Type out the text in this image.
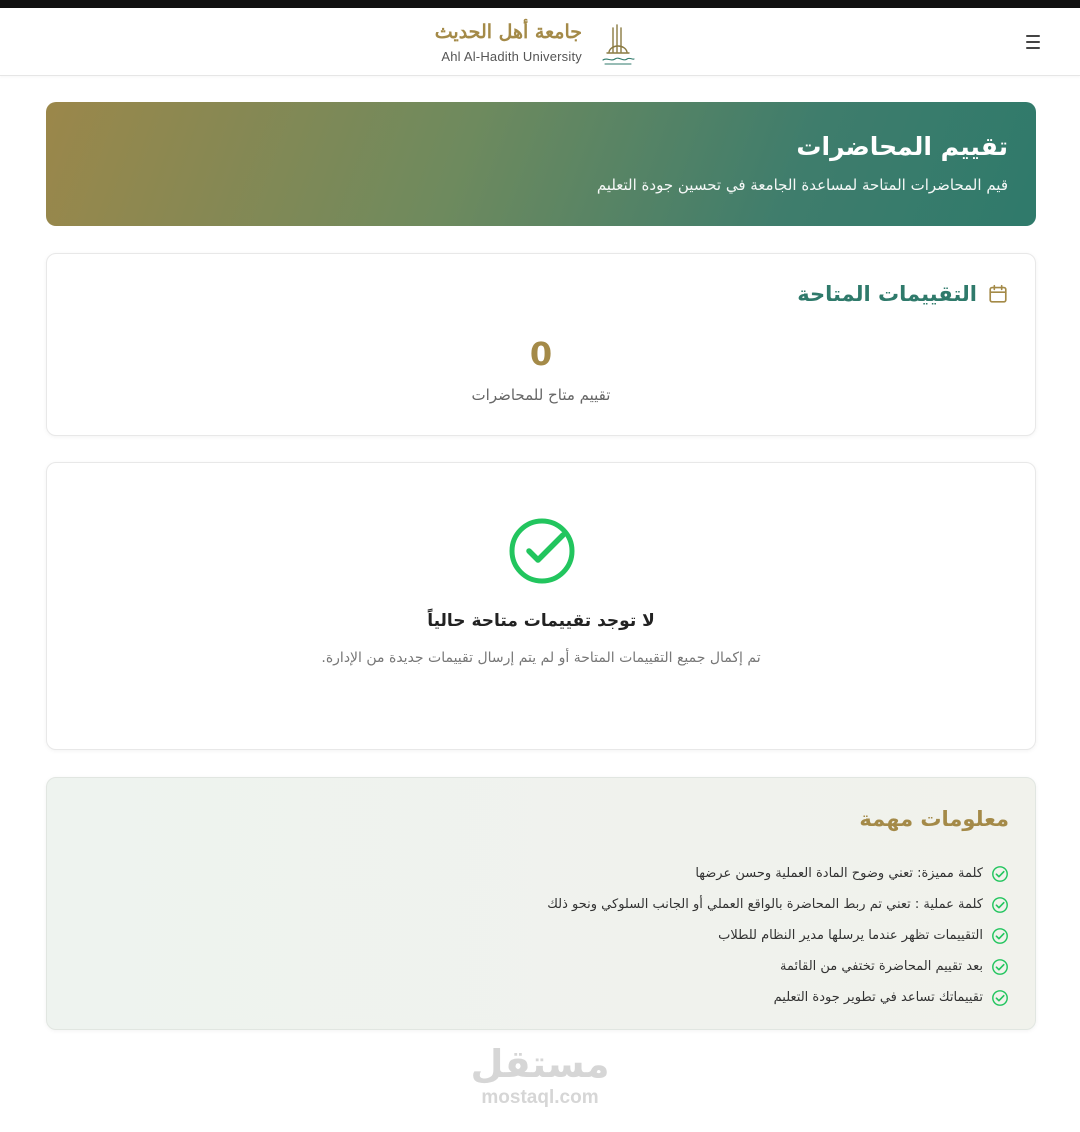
جامعة أهل الحديث
Ahl Al-Hadith University
تقييم المحاضرات

قيم المحاضرات المتاحة لمساعدة الجامعة في تحسين جودة التعليم

التقييمات المتاحة
0
تقييم متاح للمحاضرات
لا توجد تقييمات متاحة حالياً
تم إكمال جميع التقييمات المتاحة أو لم يتم إرسال تقييمات جديدة من الإدارة.
معلومات مهمة
كلمة مميزة: تعني وضوح المادة العملية وحسن عرضها
كلمة عملية : تعني تم ربط المحاضرة بالواقع العملي أو الجانب السلوكي ونحو ذلك
التقييمات تظهر عندما يرسلها مدير النظام للطلاب
بعد تقييم المحاضرة تختفي من القائمة
تقييماتك تساعد في تطوير جودة التعليم
مستقل
mostaql.com
